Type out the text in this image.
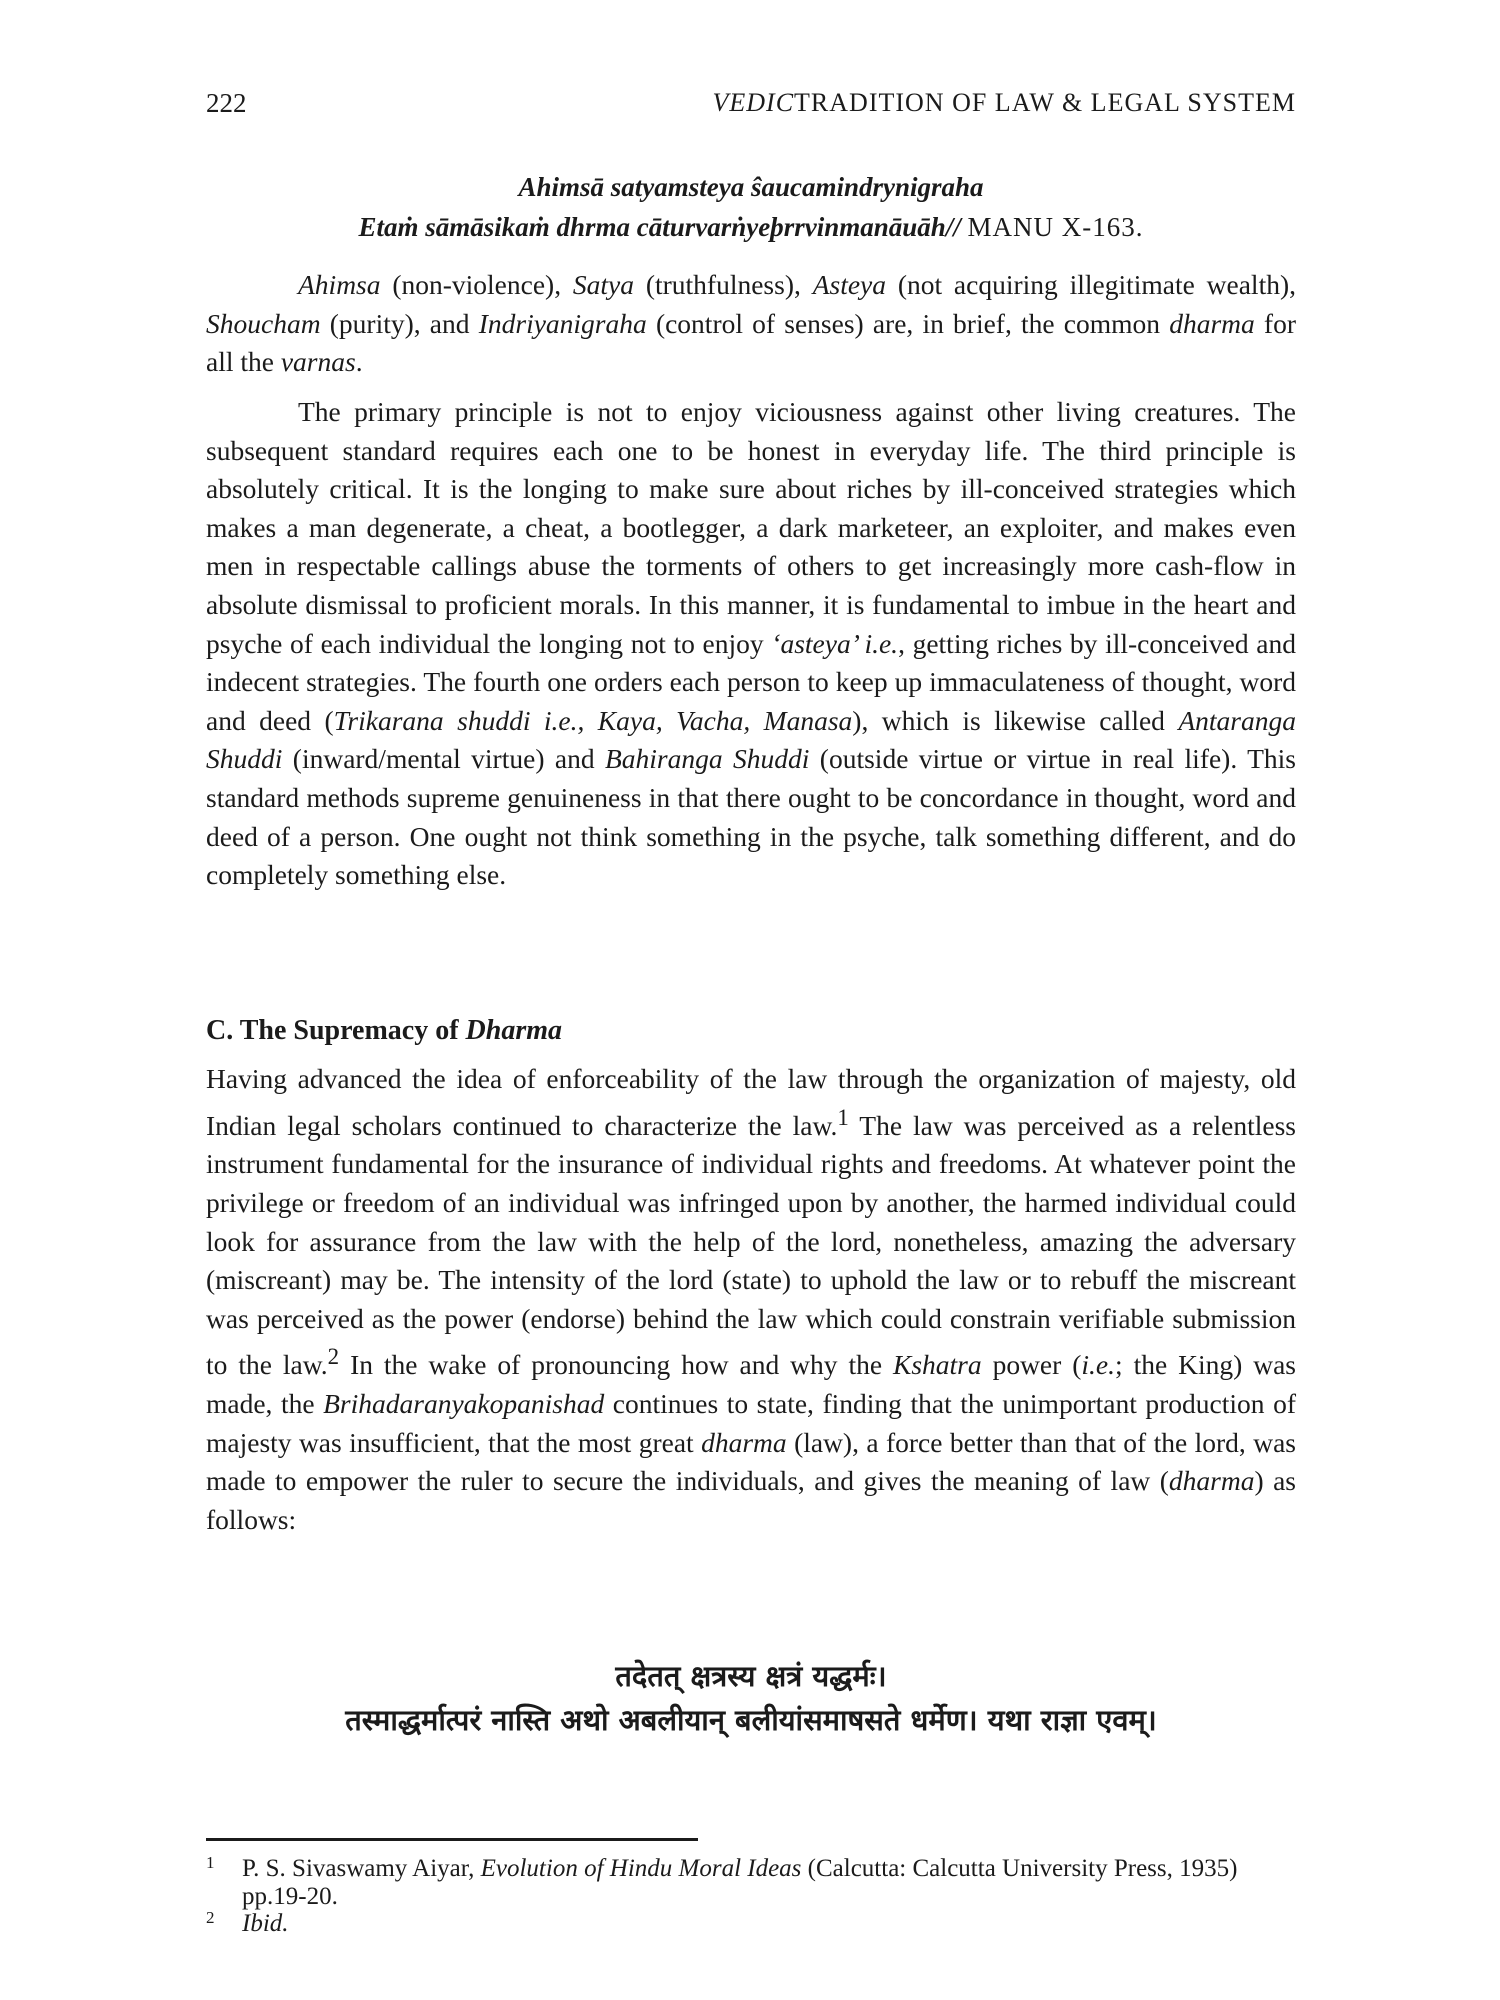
222	VEDICTRADITION OF LAW & LEGAL SYSTEM
Ahimsā satyamsteya ŝaucamindrynigraha
Etaṁ sāmāsikaṁ dhrma cāturvarṅyeþrrvinmanāuāh// MANU X-163.

Ahimsa (non-violence), Satya (truthfulness), Asteya (not acquiring illegitimate wealth), Shoucham (purity), and Indriyanigraha (control of senses) are, in brief, the common dharma for all the varnas.

The primary principle is not to enjoy viciousness against other living creatures. The subsequent standard requires each one to be honest in everyday life. The third principle is absolutely critical. It is the longing to make sure about riches by ill-conceived strategies which makes a man degenerate, a cheat, a bootlegger, a dark marketeer, an exploiter, and makes even men in respectable callings abuse the torments of others to get increasingly more cash-flow in absolute dismissal to proficient morals. In this manner, it is fundamental to imbue in the heart and psyche of each individual the longing not to enjoy ‘asteya’ i.e., getting riches by ill-conceived and indecent strategies. The fourth one orders each person to keep up immaculateness of thought, word and deed (Trikarana shuddi i.e., Kaya, Vacha, Manasa), which is likewise called Antaranga Shuddi (inward/mental virtue) and Bahiranga Shuddi (outside virtue or virtue in real life). This standard methods supreme genuineness in that there ought to be concordance in thought, word and deed of a person. One ought not think something in the psyche, talk something different, and do completely something else.

C. The Supremacy of Dharma

Having advanced the idea of enforceability of the law through the organization of majesty, old Indian legal scholars continued to characterize the law.$^1$ The law was perceived as a relentless instrument fundamental for the insurance of individual rights and freedoms. At whatever point the privilege or freedom of an individual was infringed upon by another, the harmed individual could look for assurance from the law with the help of the lord, nonetheless, amazing the adversary (miscreant) may be. The intensity of the lord (state) to uphold the law or to rebuff the miscreant was perceived as the power (endorse) behind the law which could constrain verifiable submission to the law.$^2$ In the wake of pronouncing how and why the Kshatra power (i.e.; the King) was made, the Brihadaranyakopanishad continues to state, finding that the unimportant production of majesty was insufficient, that the most great dharma (law), a force better than that of the lord, was made to empower the ruler to secure the individuals, and gives the meaning of law (dharma) as follows:

तदेतत् क्षत्रस्य क्षत्रं यद्धर्मः।
तस्माद्धर्मात्परं नास्ति अथो अबलीयान् बलीयांसमाषसते धर्मेण। यथा राज्ञा एवम्।
1 P. S. Sivaswamy Aiyar, Evolution of Hindu Moral Ideas (Calcutta: Calcutta University Press, 1935) pp.19-20.
2 Ibid.
